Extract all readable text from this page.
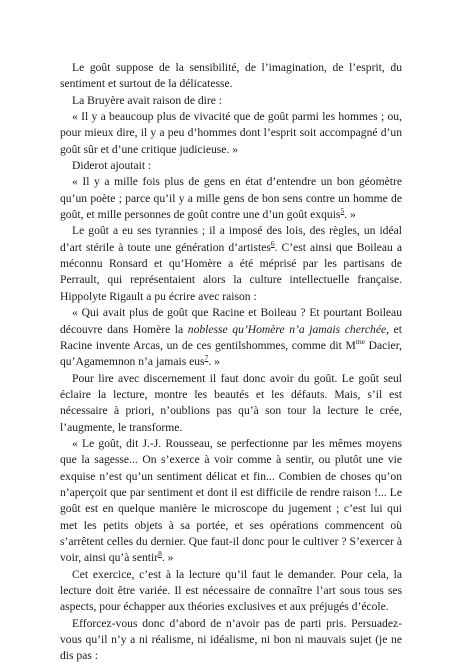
Le goût suppose de la sensibilité, de l’imagination, de l’esprit, du sentiment et surtout de la délicatesse.

La Bruyère avait raison de dire :

« Il y a beaucoup plus de vivacité que de goût parmi les hommes ; ou, pour mieux dire, il y a peu d’hommes dont l’esprit soit accompagné d’un goût sûr et d’une critique judicieuse. »

Diderot ajoutait :

« Il y a mille fois plus de gens en état d’entendre un bon géomètre qu’un poète ; parce qu’il y a mille gens de bon sens contre un homme de goût, et mille personnes de goût contre une d’un goût exquis$^5$. »

Le goût a eu ses tyrannies ; il a imposé des lois, des règles, un idéal d’art stérile à toute une génération d’artistes$^6$. C’est ainsi que Boileau a méconnu Ronsard et qu’Homère a été méprisé par les partisans de Perrault, qui représentaient alors la culture intellectuelle française. Hippolyte Rigault a pu écrire avec raison :

« Qui avait plus de goût que Racine et Boileau ? Et pourtant Boileau découvre dans Homère la noblesse qu’Homère n’a jamais cherchée, et Racine invente Arcas, un de ces gentilshommes, comme dit $M^{me}$ Dacier, qu’Agamemnon n’a jamais eus$^7$. »

Pour lire avec discernement il faut donc avoir du goût. Le goût seul éclaire la lecture, montre les beautés et les défauts. Mais, s’il est nécessaire à priori, n’oublions pas qu’à son tour la lecture le crée, l’augmente, le transforme.

« Le goût, dit J.-J. Rousseau, se perfectionne par les mêmes moyens que la sagesse... On s’exerce à voir comme à sentir, ou plutôt une vie exquise n’est qu’un sentiment délicat et fin... Combien de choses qu’on n’aperçoit que par sentiment et dont il est difficile de rendre raison !... Le goût est en quelque manière le microscope du jugement ; c’est lui qui met les petits objets à sa portée, et ses opérations commencent où s’arrêtent celles du dernier. Que faut-il donc pour le cultiver ? S’exercer à voir, ainsi qu’à sentir$^8$. »

Cet exercice, c’est à la lecture qu’il faut le demander. Pour cela, la lecture doit être variée. Il est nécessaire de connaître l’art sous tous ses aspects, pour échapper aux théories exclusives et aux préjugés d’école.

Efforcez-vous donc d’abord de n’avoir pas de parti pris. Persuadez-vous qu’il n’y a ni réalisme, ni idéalisme, ni bon ni mauvais sujet (je ne dis pas :
